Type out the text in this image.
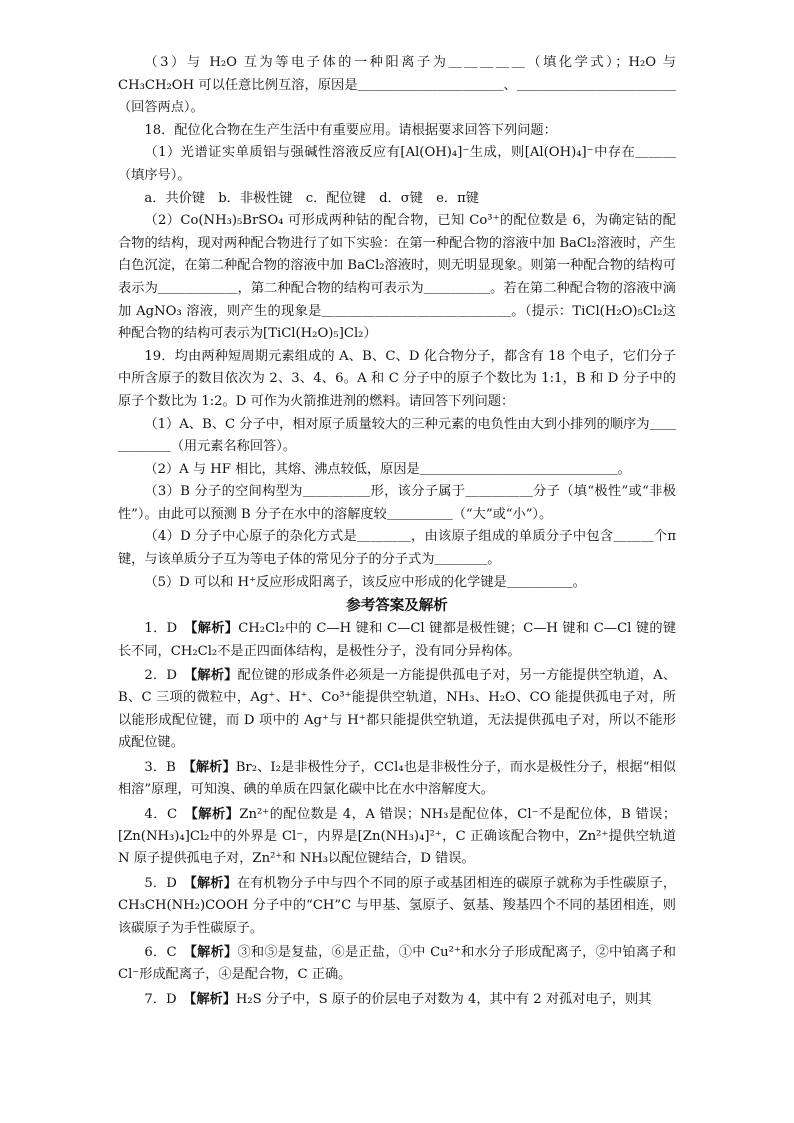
（3）与 H₂O 互为等电子体的一种阳离子为＿＿＿＿＿（填化学式）；H₂O 与 CH₃CH₂OH 可以任意比例互溶，原因是＿＿＿＿＿＿＿＿＿＿＿、＿＿＿＿＿＿＿＿＿＿＿＿（回答两点）。

18．配位化合物在生产生活中有重要应用。请根据要求回答下列问题：

（1）光谱证实单质铝与强碱性溶液反应有[Al(OH)₄]⁻生成，则[Al(OH)₄]⁻中存在＿＿＿（填序号）。

a．共价键　b．非极性键　c．配位键　d．σ键　e．π键

（2）Co(NH₃)₅BrSO₄ 可形成两种钴的配合物，已知 Co³⁺的配位数是 6，为确定钴的配合物的结构，现对两种配合物进行了如下实验：在第一种配合物的溶液中加 BaCl₂溶液时，产生白色沉淀，在第二种配合物的溶液中加 BaCl₂溶液时，则无明显现象。则第一种配合物的结构可表示为＿＿＿＿＿＿，第二种配合物的结构可表示为＿＿＿＿＿。若在第二种配合物的溶液中滴加 AgNO₃ 溶液，则产生的现象是＿＿＿＿＿＿＿＿＿＿＿＿＿＿。（提示：TiCl(H₂O)₅Cl₂这种配合物的结构可表示为[TiCl(H₂O)₅]Cl₂）

19．均由两种短周期元素组成的 A、B、C、D 化合物分子，都含有 18 个电子，它们分子中所含原子的数目依次为 2、3、4、6。A 和 C 分子中的原子个数比为 1:1，B 和 D 分子中的原子个数比为 1:2。D 可作为火箭推进剂的燃料。请回答下列问题：

（1）A、B、C 分子中，相对原子质量较大的三种元素的电负性由大到小排列的顺序为＿＿＿＿＿＿（用元素名称回答）。

（2）A 与 HF 相比，其熔、沸点较低，原因是＿＿＿＿＿＿＿＿＿＿＿＿＿＿＿。

（3）B 分子的空间构型为＿＿＿＿＿形，该分子属于＿＿＿＿＿分子（填“极性”或“非极性”）。由此可以预测 B 分子在水中的溶解度较＿＿＿＿＿（“大”或“小”）。

（4）D 分子中心原子的杂化方式是＿＿＿＿，由该原子组成的单质分子中包含＿＿＿个π键，与该单质分子互为等电子体的常见分子的分子式为＿＿＿＿。

（5）D 可以和 H⁺反应形成阳离子，该反应中形成的化学键是＿＿＿＿＿。

参考答案及解析

1．D　 【解析】CH₂Cl₂中的 C—H 键和 C—Cl 键都是极性键；C—H 键和 C—Cl 键的键长不同，CH₂Cl₂不是正四面体结构，是极性分子，没有同分异构体。

2．D　 【解析】配位键的形成条件必须是一方能提供孤电子对，另一方能提供空轨道，A、B、C 三项的微粒中，Ag⁺、H⁺、Co³⁺能提供空轨道，NH₃、H₂O、CO 能提供孤电子对，所以能形成配位键，而 D 项中的 Ag⁺与 H⁺都只能提供空轨道，无法提供孤电子对，所以不能形成配位键。

3．B　 【解析】Br₂、I₂是非极性分子，CCl₄也是非极性分子，而水是极性分子，根据“相似相溶”原理，可知溴、碘的单质在四氯化碳中比在水中溶解度大。

4．C　 【解析】Zn²⁺的配位数是 4，A 错误；NH₃是配位体，Cl⁻不是配位体，B 错误；[Zn(NH₃)₄]Cl₂中的外界是 Cl⁻，内界是[Zn(NH₃)₄]²⁺，C 正确该配合物中，Zn²⁺提供空轨道 N 原子提供孤电子对，Zn²⁺和 NH₃以配位键结合，D 错误。

5．D　 【解析】在有机物分子中与四个不同的原子或基团相连的碳原子就称为手性碳原子，CH₃CH(NH₂)COOH 分子中的“CH”C 与甲基、氢原子、氨基、羧基四个不同的基团相连，则该碳原子为手性碳原子。

6．C　 【解析】③和⑤是复盐，⑥是正盐，①中 Cu²⁺和水分子形成配离子，②中铂离子和 Cl⁻形成配离子，④是配合物，C 正确。

7．D　 【解析】H₂S 分子中，S 原子的价层电子对数为 4，其中有 2 对孤对电子，则其
